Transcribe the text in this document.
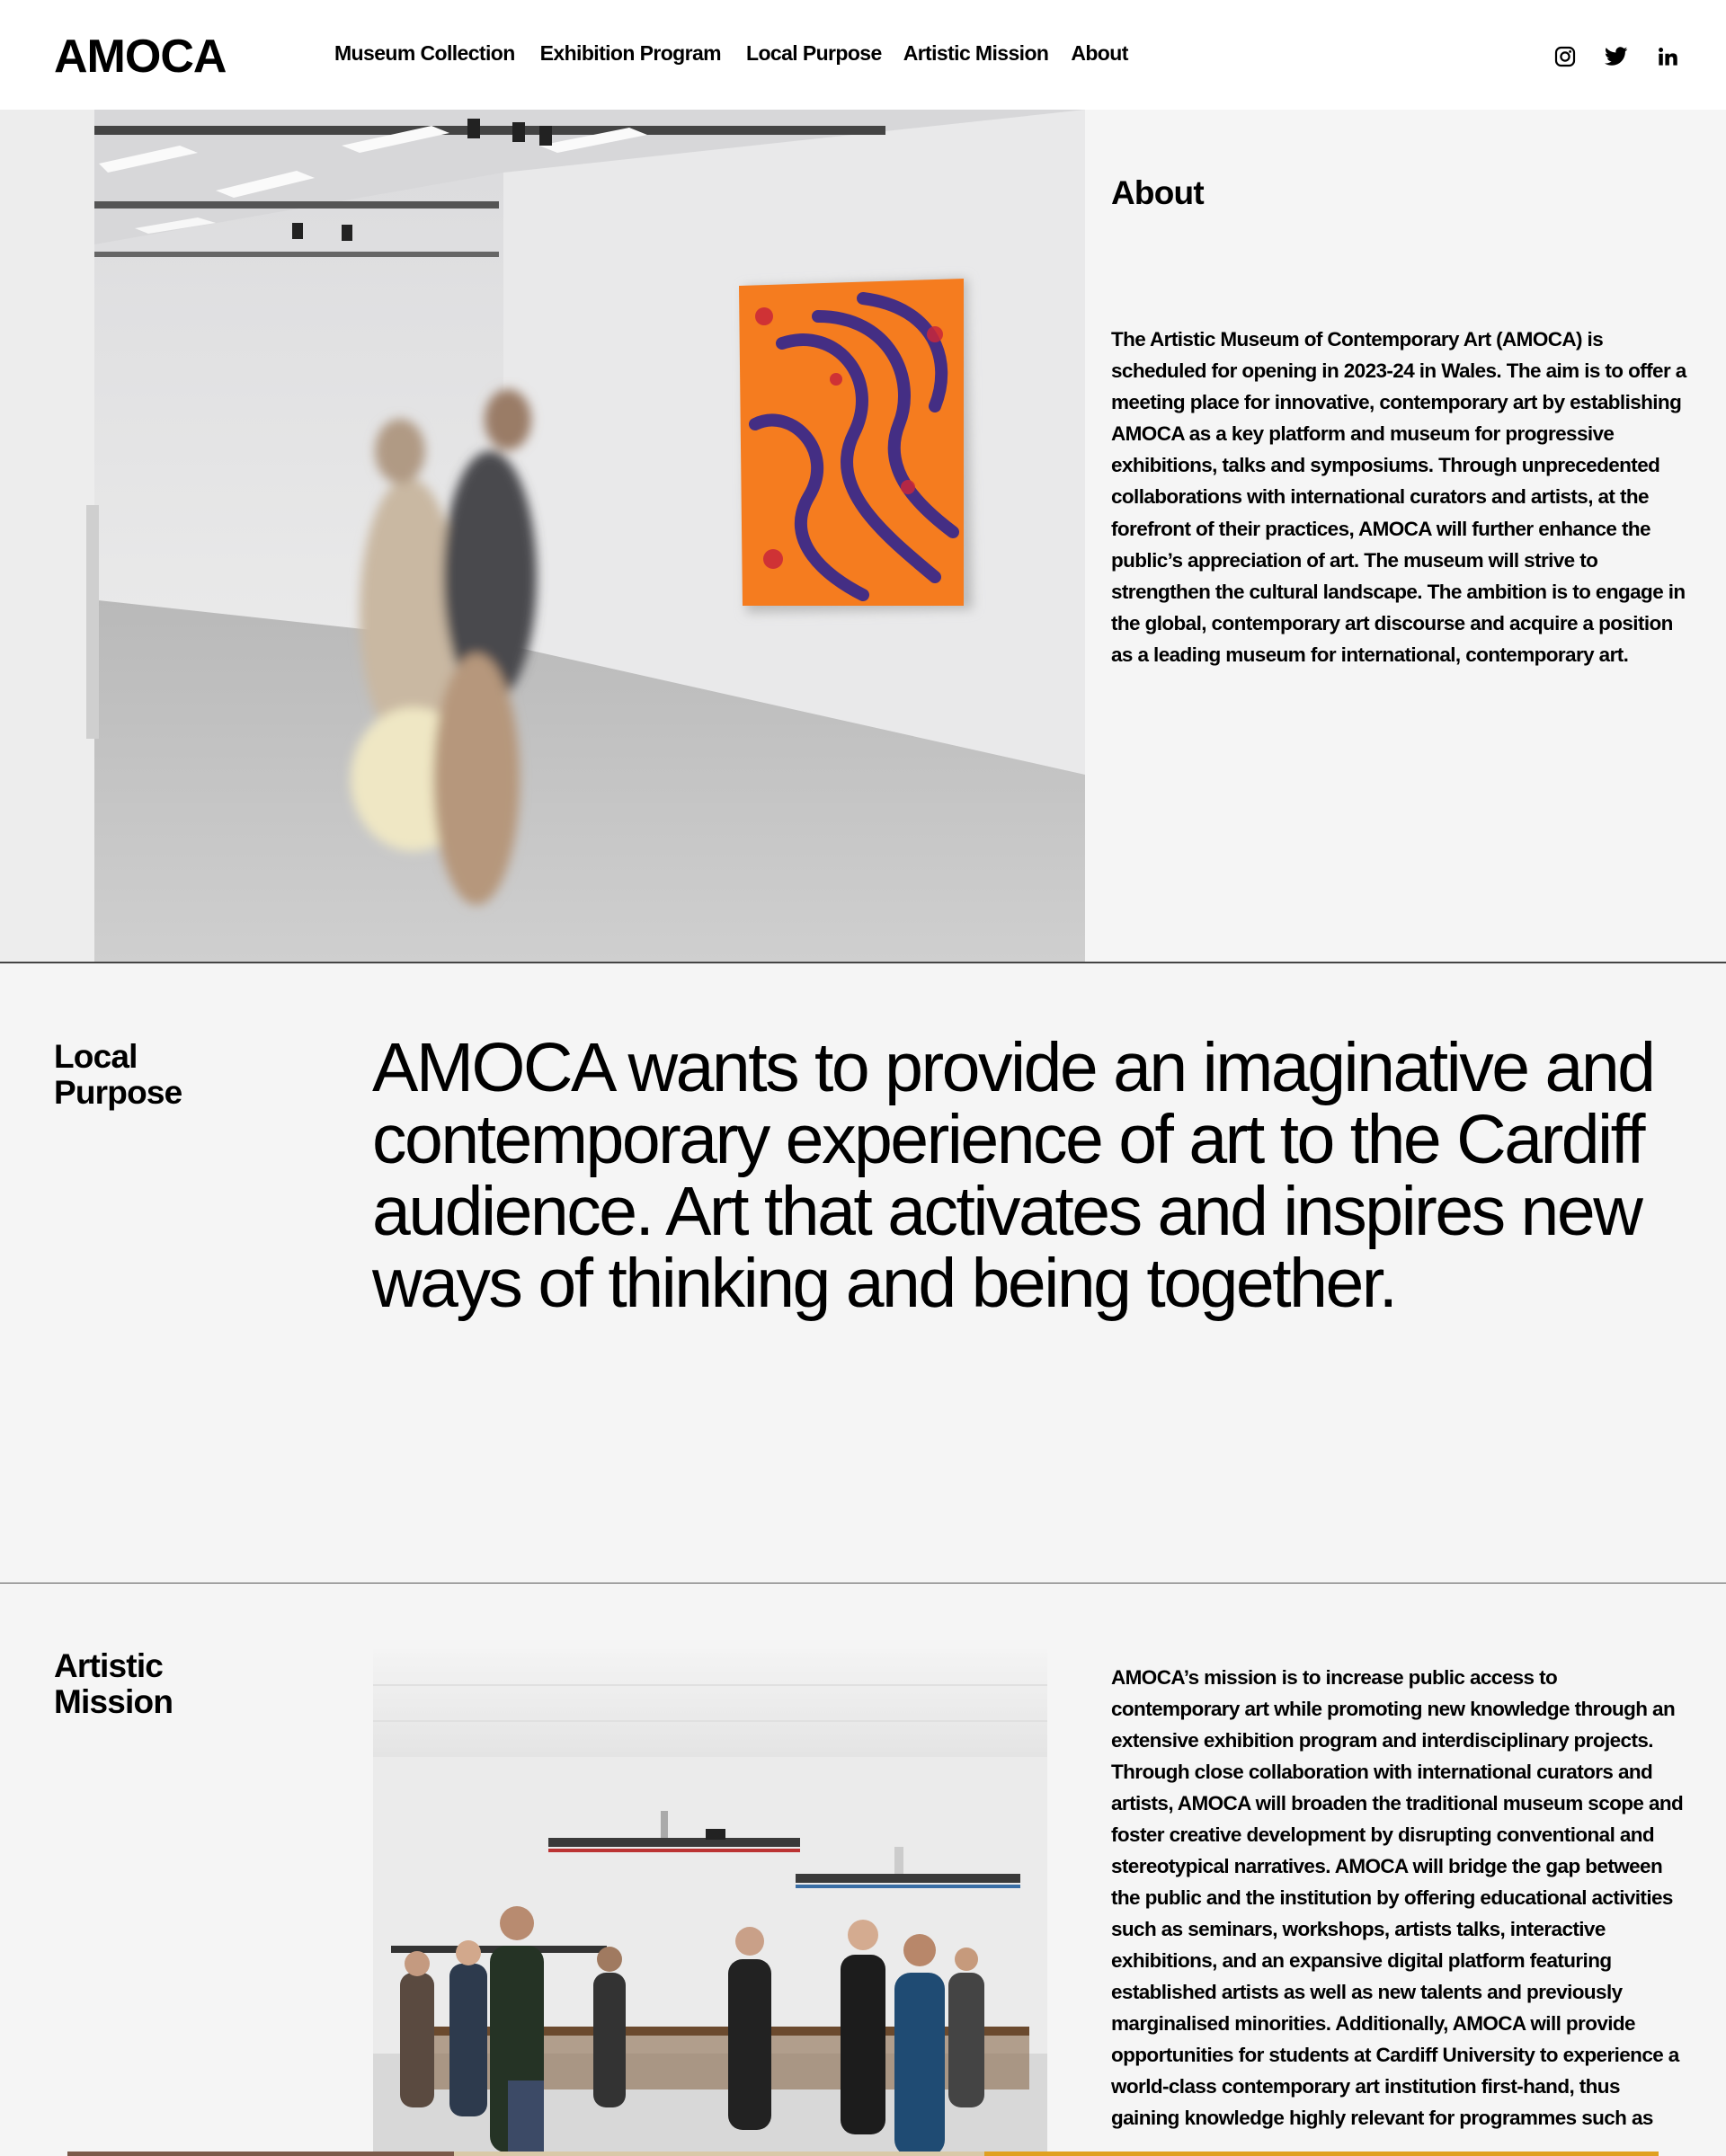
AMOCA	Museum Collection Exhibition Program Local Purpose Artistic Mission About
About

The Artistic Museum of Contemporary Art (AMOCA) is scheduled for opening in 2023-24 in Wales. The aim is to offer a meeting place for innovative, contemporary art by establishing AMOCA as a key platform and museum for progressive exhibitions, talks and symposiums. Through unprecedented collaborations with international curators and artists, at the forefront of their practices, AMOCA will further enhance the public’s appreciation of art. The museum will strive to strengthen the cultural landscape. The ambition is to engage in the global, contemporary art discourse and acquire a position as a leading museum for international, contemporary art.

Local
Purpose	AMOCA wants to provide an imaginative and contemporary experience of art to the Cardiff audience. Art that activates and inspires new ways of thinking and being together.

Artistic
Mission

AMOCA’s mission is to increase public access to contemporary art while promoting new knowledge through an extensive exhibition program and interdisciplinary projects. Through close collaboration with international curators and artists, AMOCA will broaden the traditional museum scope and foster creative development by disrupting conventional and stereotypical narratives. AMOCA will bridge the gap between the public and the institution by offering educational activities such as seminars, workshops, artists talks, interactive exhibitions, and an expansive digital platform featuring established artists as well as new talents and previously marginalised minorities. Additionally, AMOCA will provide opportunities for students at Cardiff University to experience a world-class contemporary art institution first-hand, thus gaining knowledge highly relevant for programmes such as
